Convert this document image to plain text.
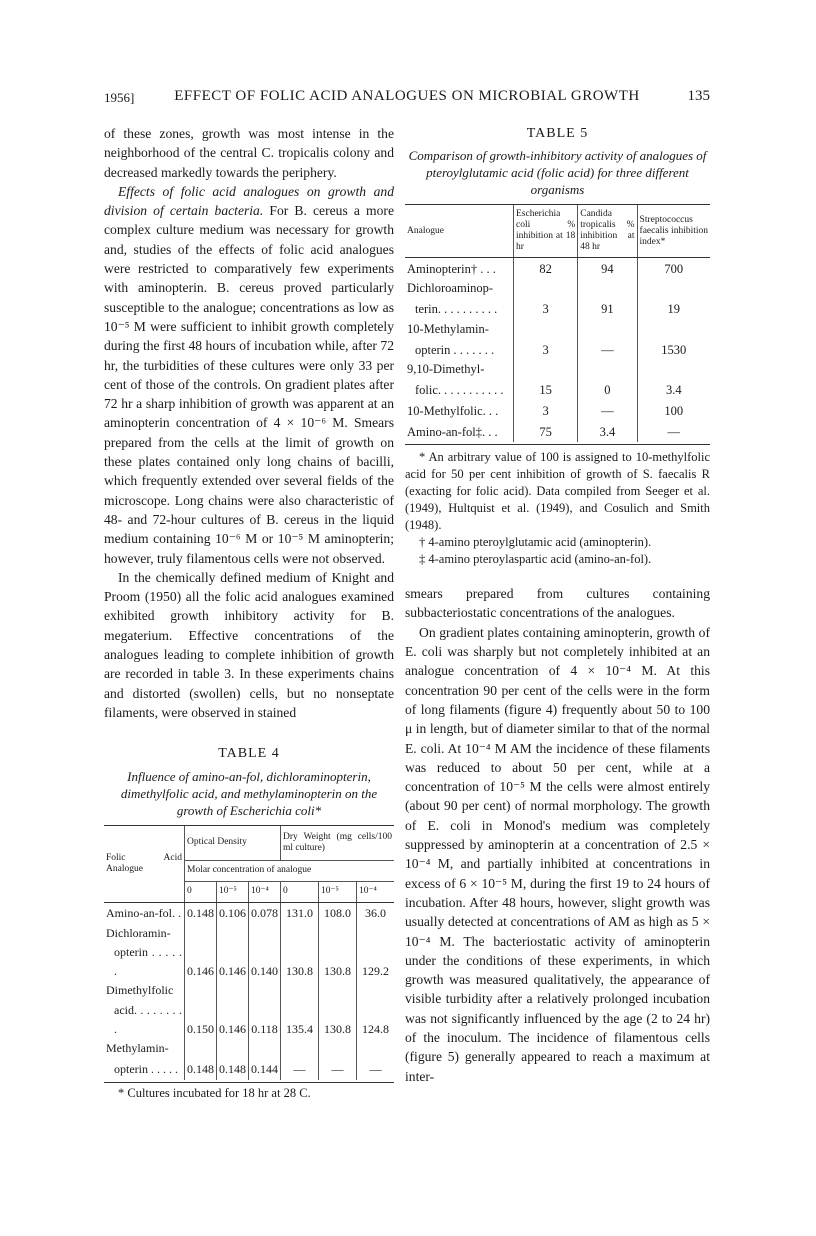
1956]	EFFECT OF FOLIC ACID ANALOGUES ON MICROBIAL GROWTH	135

of these zones, growth was most intense in the neighborhood of the central C. tropicalis colony and decreased markedly towards the periphery.

Effects of folic acid analogues on growth and division of certain bacteria. For B. cereus a more complex culture medium was necessary for growth and, studies of the effects of folic acid analogues were restricted to comparatively few experiments with aminopterin. B. cereus proved particularly susceptible to the analogue; concentrations as low as 10⁻⁵ M were sufficient to inhibit growth completely during the first 48 hours of incubation while, after 72 hr, the turbidities of these cultures were only 33 per cent of those of the controls. On gradient plates after 72 hr a sharp inhibition of growth was apparent at an aminopterin concentration of 4 × 10⁻⁶ M. Smears prepared from the cells at the limit of growth on these plates contained only long chains of bacilli, which frequently extended over several fields of the microscope. Long chains were also characteristic of 48- and 72-hour cultures of B. cereus in the liquid medium containing 10⁻⁶ M or 10⁻⁵ M aminopterin; however, truly filamentous cells were not observed.

In the chemically defined medium of Knight and Proom (1950) all the folic acid analogues examined exhibited growth inhibitory activity for B. megaterium. Effective concentrations of the analogues leading to complete inhibition of growth are recorded in table 3. In these experiments chains and distorted (swollen) cells, but no nonseptate filaments, were observed in stained

TABLE 4

Influence of amino-an-fol, dichloraminopterin, dimethylfolic acid, and methylaminopterin on the growth of Escherichia coli*

Folic Acid Analogue	Optical Density			Dry Weight (mg cells/100 ml culture)		
	Molar concentration of analogue					
	0	10⁻⁵	10⁻⁴	0	10⁻⁵	10⁻⁴
Amino-an-fol. .	0.148	0.106	0.078	131.0	108.0	36.0
Dichloramin-						
opterin . . . . . .	0.146	0.146	0.140	130.8	130.8	129.2
Dimethylfolic						
acid. . . . . . . . .	0.150	0.146	0.118	135.4	130.8	124.8
Methylamin-						
opterin . . . . .	0.148	0.148	0.144	—	—	—

* Cultures incubated for 18 hr at 28 C.

TABLE 5

Comparison of growth-inhibitory activity of analogues of pteroylglutamic acid (folic acid) for three different organisms

Analogue	Escherichia coli % inhibition at 18 hr	Candida tropicalis % inhibition at 48 hr	Streptococcus faecalis inhibition index*
Aminopterin† . . .	82	94	700
Dichloroaminop-			
terin. . . . . . . . . .	3	91	19
10-Methylamin-			
opterin . . . . . . .	3	—	1530
9,10-Dimethyl-			
folic. . . . . . . . . . .	15	0	3.4
10-Methylfolic. . .	3	—	100
Amino-an-fol‡. . .	75	3.4	—

* An arbitrary value of 100 is assigned to 10-methylfolic acid for 50 per cent inhibition of growth of S. faecalis R (exacting for folic acid). Data compiled from Seeger et al. (1949), Hultquist et al. (1949), and Cosulich and Smith (1948).

† 4-amino pteroylglutamic acid (aminopterin).

‡ 4-amino pteroylaspartic acid (amino-an-fol).

smears prepared from cultures containing subbacteriostatic concentrations of the analogues.

On gradient plates containing aminopterin, growth of E. coli was sharply but not completely inhibited at an analogue concentration of 4 × 10⁻⁴ M. At this concentration 90 per cent of the cells were in the form of long filaments (figure 4) frequently about 50 to 100 μ in length, but of diameter similar to that of the normal E. coli. At 10⁻⁴ M AM the incidence of these filaments was reduced to about 50 per cent, while at a concentration of 10⁻⁵ M the cells were almost entirely (about 90 per cent) of normal morphology. The growth of E. coli in Monod's medium was completely suppressed by aminopterin at a concentration of 2.5 × 10⁻⁴ M, and partially inhibited at concentrations in excess of 6 × 10⁻⁵ M, during the first 19 to 24 hours of incubation. After 48 hours, however, slight growth was usually detected at concentrations of AM as high as 5 × 10⁻⁴ M. The bacteriostatic activity of aminopterin under the conditions of these experiments, in which growth was measured qualitatively, the appearance of visible turbidity after a relatively prolonged incubation was not significantly influenced by the age (2 to 24 hr) of the inoculum. The incidence of filamentous cells (figure 5) generally appeared to reach a maximum at inter-
